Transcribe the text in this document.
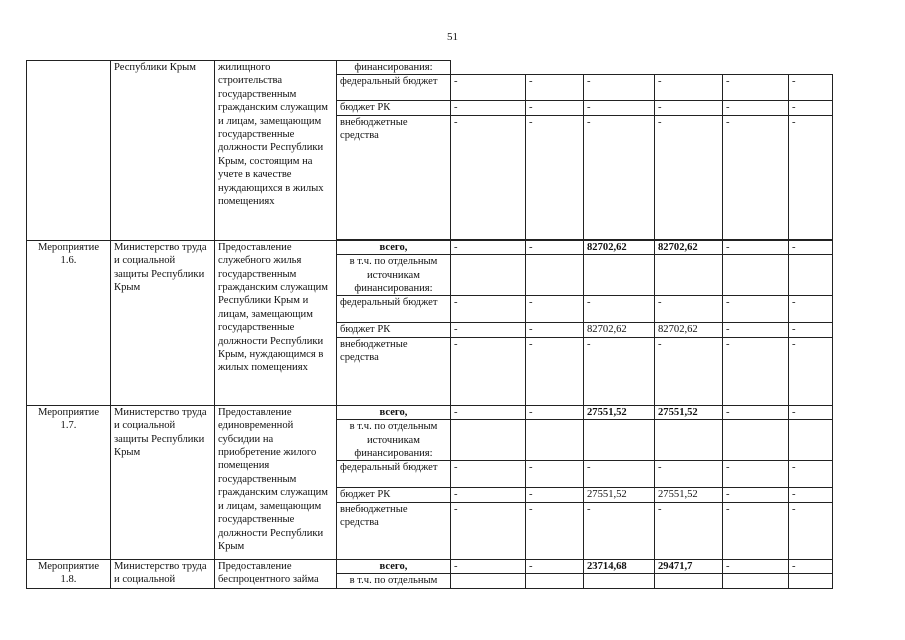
51
	Республики Крым	жилищного строительства государственным гражданским служащим и лицам, замещающим государственные должности Республики Крым, состоящим на учете в качестве нуждающихся в жилых помещениях	финансирования:						
			федеральный бюджет	-	-	-	-	-	-
			бюджет РК	-	-	-	-	-	-
			внебюджетные средства	-	-	-	-	-	-

Мероприятие 1.6.	Министерство труда и социальной защиты Республики Крым	Предоставление служебного жилья государственным гражданским служащим Республики Крым и лицам, замещающим государственные должности Республики Крым, нуждающимся в жилых помещениях	всего,	-	-	82702,62	82702,62	-	-
			в т.ч. по отдельным источникам финансирования:						
			федеральный бюджет	-	-	-	-	-	-
			бюджет РК	-	-	82702,62	82702,62	-	-
			внебюджетные средства	-	-	-	-	-	-
Мероприятие 1.7.	Министерство труда и социальной защиты Республики Крым	Предоставление единовременной субсидии на приобретение жилого помещения государственным гражданским служащим и лицам, замещающим государственные должности Республики Крым	всего,	-	-	27551,52	27551,52	-	-
			в т.ч. по отдельным источникам финансирования:						
			федеральный бюджет	-	-	-	-	-	-
			бюджет РК	-	-	27551,52	27551,52	-	-
			внебюджетные средства	-	-	-	-	-	-
Мероприятие 1.8.	Министерство труда и социальной	Предоставление беспроцентного займа	всего,	-	-	23714,68	29471,7	-	-
			в т.ч. по отдельным						
